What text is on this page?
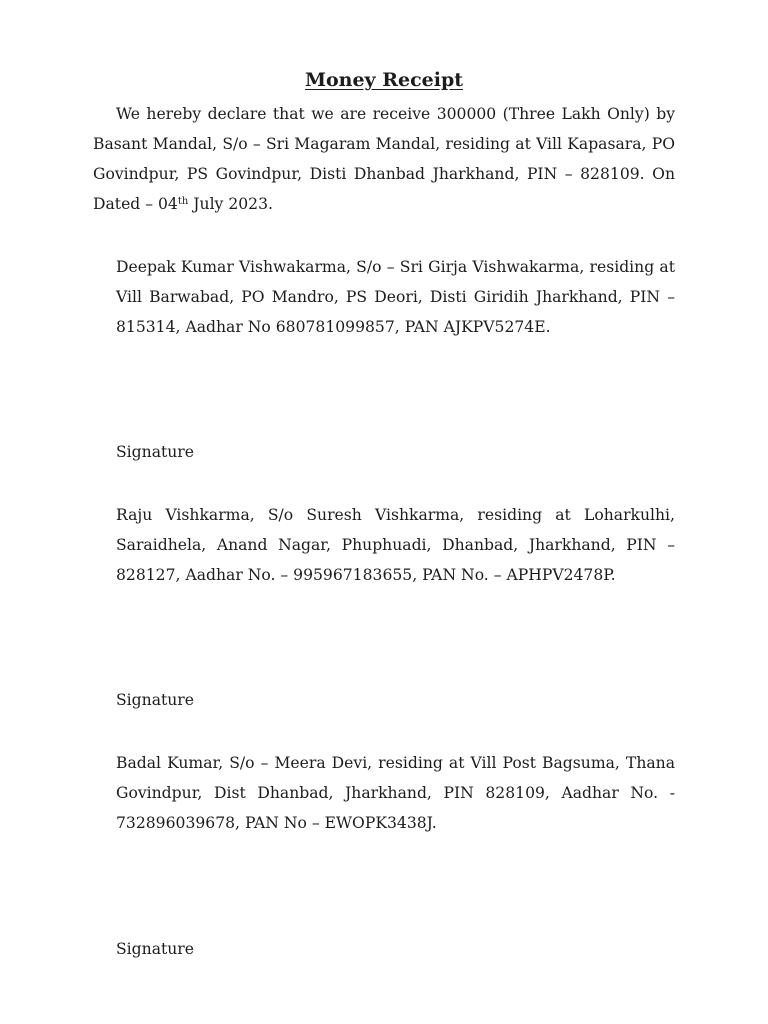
Money Receipt

We hereby declare that we are receive 300000 (Three Lakh Only) by Basant Mandal, S/o – Sri Magaram Mandal, residing at Vill Kapasara, PO Govindpur, PS Govindpur, Disti Dhanbad Jharkhand, PIN – 828109. On Dated – 04th July 2023.

Deepak Kumar Vishwakarma, S/o – Sri Girja Vishwakarma, residing at Vill Barwabad, PO Mandro, PS Deori, Disti Giridih Jharkhand, PIN – 815314, Aadhar No 680781099857, PAN AJKPV5274E.

Signature

Raju Vishkarma, S/o Suresh Vishkarma, residing at Loharkulhi, Saraidhela, Anand Nagar, Phuphuadi, Dhanbad, Jharkhand, PIN – 828127, Aadhar No. – 995967183655, PAN No. – APHPV2478P.

Signature

Badal Kumar, S/o – Meera Devi, residing at Vill Post Bagsuma, Thana Govindpur, Dist Dhanbad, Jharkhand, PIN 828109, Aadhar No. - 732896039678, PAN No – EWOPK3438J.

Signature
